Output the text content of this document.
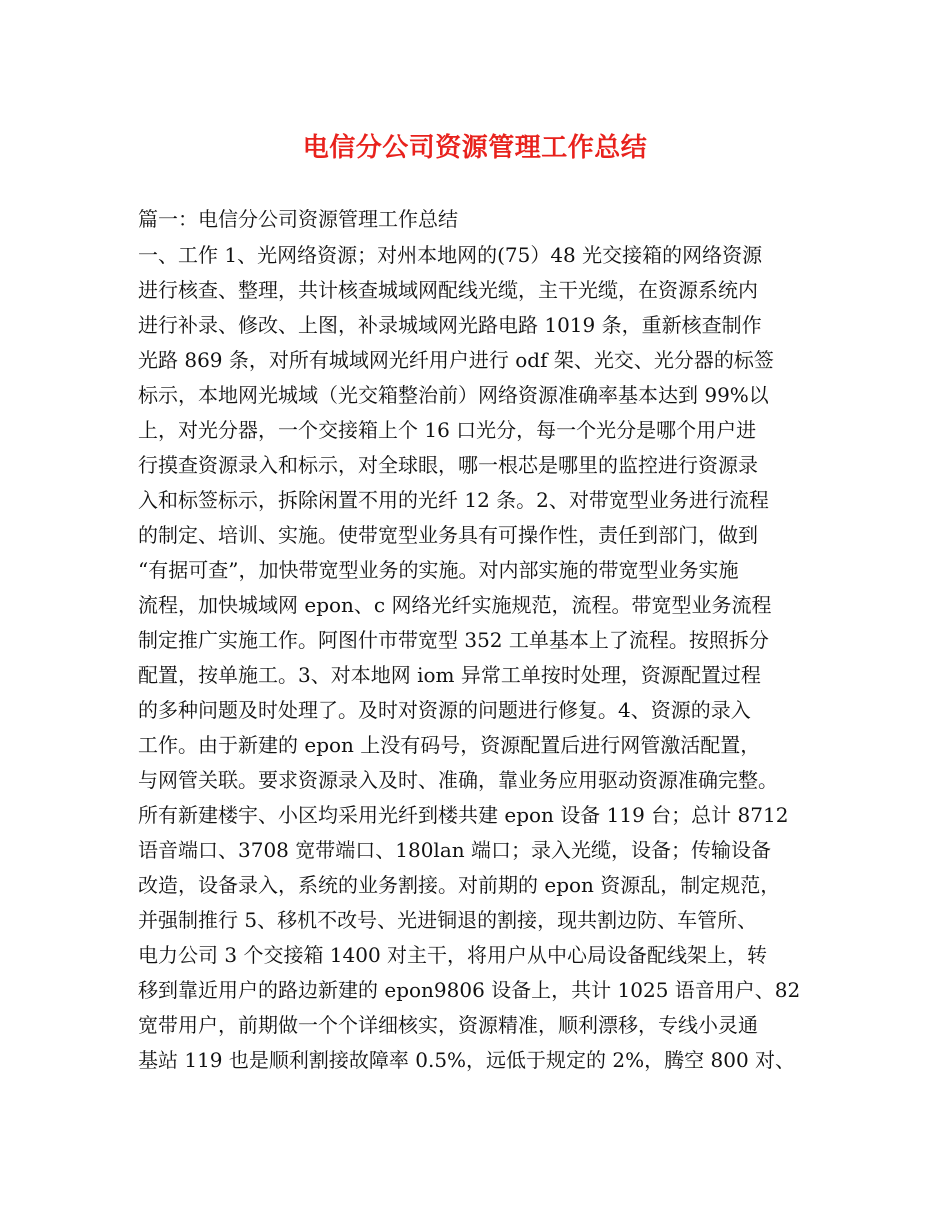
电信分公司资源管理工作总结
篇一：电信分公司资源管理工作总结
一、工作 1、光网络资源；对州本地网的(75）48 光交接箱的网络资源
进行核查、整理，共计核查城域网配线光缆，主干光缆，在资源系统内
进行补录、修改、上图，补录城域网光路电路 1019 条，重新核查制作
光路 869 条，对所有城域网光纤用户进行 odf 架、光交、光分器的标签
标示，本地网光城域（光交箱整治前）网络资源准确率基本达到 99%以
上，对光分器，一个交接箱上个 16 口光分，每一个光分是哪个用户进
行摸查资源录入和标示，对全球眼，哪一根芯是哪里的监控进行资源录
入和标签标示，拆除闲置不用的光纤 12 条。2、对带宽型业务进行流程
的制定、培训、实施。使带宽型业务具有可操作性，责任到部门，做到
“有据可查”，加快带宽型业务的实施。对内部实施的带宽型业务实施
流程，加快城域网 epon、c 网络光纤实施规范，流程。带宽型业务流程
制定推广实施工作。阿图什市带宽型 352 工单基本上了流程。按照拆分
配置，按单施工。3、对本地网 iom 异常工单按时处理，资源配置过程
的多种问题及时处理了。及时对资源的问题进行修复。4、资源的录入
工作。由于新建的 epon 上没有码号，资源配置后进行网管激活配置，
与网管关联。要求资源录入及时、准确，靠业务应用驱动资源准确完整。
所有新建楼宇、小区均采用光纤到楼共建 epon 设备 119 台；总计 8712
语音端口、3708 宽带端口、180lan 端口；录入光缆，设备；传输设备
改造，设备录入，系统的业务割接。对前期的 epon 资源乱，制定规范，
并强制推行 5、移机不改号、光进铜退的割接，现共割边防、车管所、
电力公司 3 个交接箱 1400 对主干，将用户从中心局设备配线架上，转
移到靠近用户的路边新建的 epon9806 设备上，共计 1025 语音用户、82
宽带用户，前期做一个个详细核实，资源精准，顺利漂移，专线小灵通
基站 119 也是顺利割接故障率 0.5%，远低于规定的 2%，腾空 800 对、
